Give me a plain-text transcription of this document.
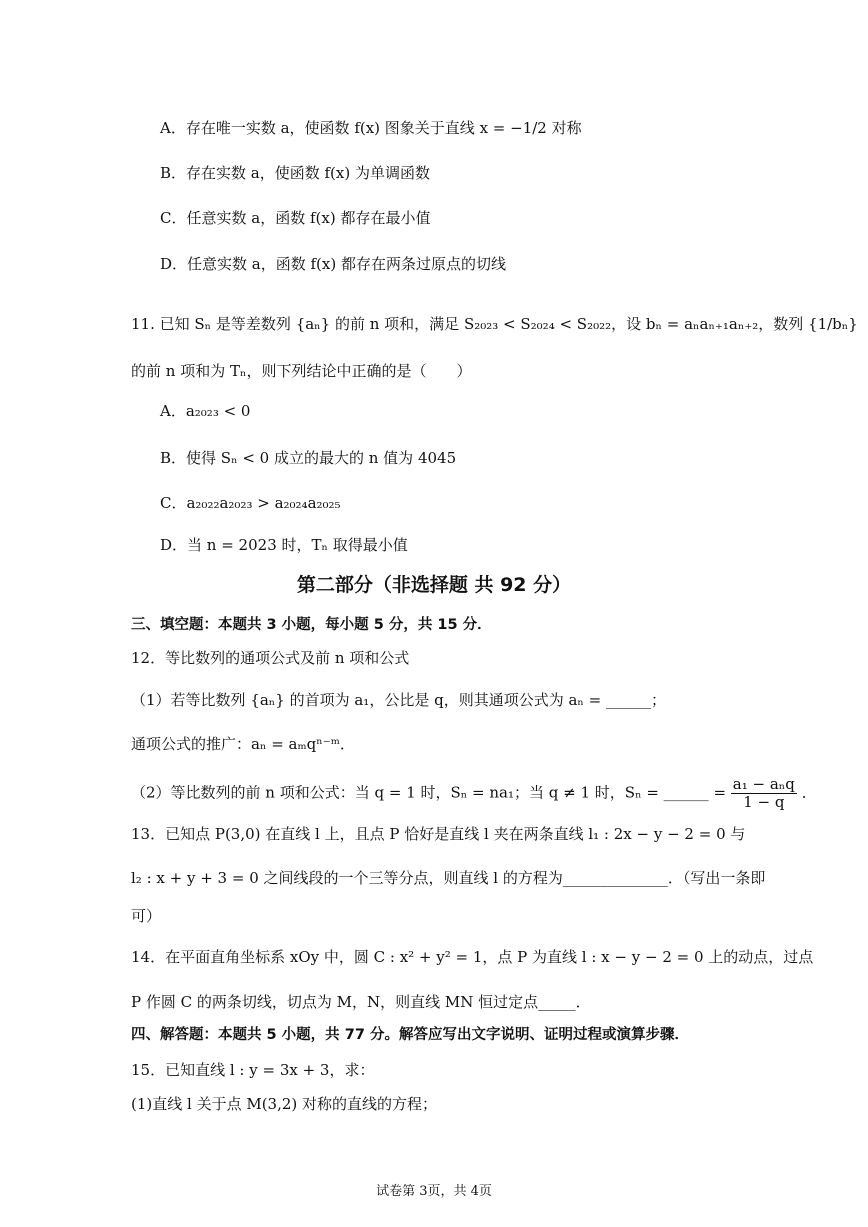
A．存在唯一实数 a，使函数 f(x) 图象关于直线 x = −1/2 对称
B．存在实数 a，使函数 f(x) 为单调函数
C．任意实数 a，函数 f(x) 都存在最小值
D．任意实数 a，函数 f(x) 都存在两条过原点的切线
11. 已知 Sₙ 是等差数列 {aₙ} 的前 n 项和，满足 S₂₀₂₃ < S₂₀₂₄ < S₂₀₂₂，设 bₙ = aₙaₙ₊₁aₙ₊₂，数列 {1/bₙ}
的前 n 项和为 Tₙ，则下列结论中正确的是（　　）
A．a₂₀₂₃ < 0
B．使得 Sₙ < 0 成立的最大的 n 值为 4045
C．a₂₀₂₂a₂₀₂₃ > a₂₀₂₄a₂₀₂₅
D．当 n = 2023 时，Tₙ 取得最小值
第二部分（非选择题 共 92 分）
三、填空题：本题共 3 小题，每小题 5 分，共 15 分．
12．等比数列的通项公式及前 n 项和公式
（1）若等比数列 {aₙ} 的首项为 a₁，公比是 q，则其通项公式为 aₙ = ______；
通项公式的推广：aₙ = aₘqⁿ⁻ᵐ．
（2）等比数列的前 n 项和公式：当 q = 1 时，Sₙ = na₁；当 q ≠ 1 时，Sₙ = ______ = $\frac{\text{a₁ − aₙq}}{1 - q}$ ．
13．已知点 P(3,0) 在直线 l 上，且点 P 恰好是直线 l 夹在两条直线 l₁ : 2x − y − 2 = 0 与
l₂ : x + y + 3 = 0 之间线段的一个三等分点，则直线 l 的方程为______________．（写出一条即
可）
14．在平面直角坐标系 xOy 中，圆 C : x² + y² = 1，点 P 为直线 l : x − y − 2 = 0 上的动点，过点
P 作圆 C 的两条切线，切点为 M，N，则直线 MN 恒过定点_____．
四、解答题：本题共 5 小题，共 77 分。解答应写出文字说明、证明过程或演算步骤．
15．已知直线 l : y = 3x + 3，求：
(1)直线 l 关于点 M(3,2) 对称的直线的方程；
试卷第 3页，共 4页
